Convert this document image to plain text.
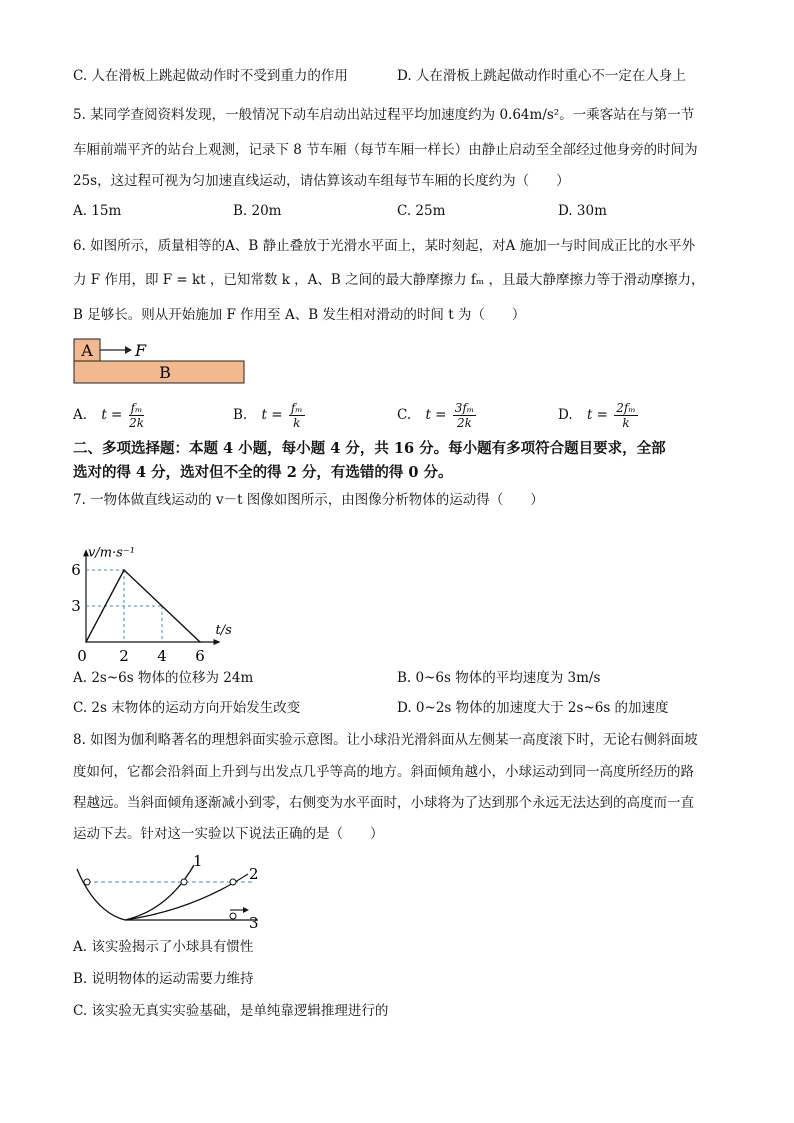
C. 人在滑板上跳起做动作时不受到重力的作用	D. 人在滑板上跳起做动作时重心不一定在人身上
5. 某同学查阅资料发现，一般情况下动车启动出站过程平均加速度约为 0.64m/s²。一乘客站在与第一节
车厢前端平齐的站台上观测，记录下 8 节车厢（每节车厢一样长）由静止启动至全部经过他身旁的时间为
25s，这过程可视为匀加速直线运动，请估算该动车组每节车厢的长度约为（　　）
A. 15m	B. 20m	C. 25m	D. 30m
6. 如图所示，质量相等的A、B 静止叠放于光滑水平面上，某时刻起，对A 施加一与时间成正比的水平外
力 F 作用，即 F = kt ，已知常数 k ，A、B 之间的最大静摩擦力 fₘ ，且最大静摩擦力等于滑动摩擦力，
B 足够长。则从开始施加 F 作用至 A、B 发生相对滑动的时间 t 为（　　）
A	F
B
A. $t = \frac{\text{fₘ}}{2k}$	B. $t = \frac{\text{fₘ}}{k}$	C. $t = \frac{\text{3fₘ}}{2k}$	D. $t = \frac{\text{2fₘ}}{k}$
二、多项选择题：本题 4 小题，每小题 4 分，共 16 分。每小题有多项符合题目要求，全部
选对的得 4 分，选对但不全的得 2 分，有选错的得 0 分。
7. 一物体做直线运动的 v－t 图像如图所示，由图像分析物体的运动得（　　）
v/m·s⁻¹
t/s
0 2 4 6
3
6
A. 2s~6s 物体的位移为 24m	B. 0~6s 物体的平均速度为 3m/s
C. 2s 末物体的运动方向开始发生改变	D. 0~2s 物体的加速度大于 2s~6s 的加速度
8. 如图为伽利略著名的理想斜面实验示意图。让小球沿光滑斜面从左侧某一高度滚下时，无论右侧斜面坡
度如何，它都会沿斜面上升到与出发点几乎等高的地方。斜面倾角越小，小球运动到同一高度所经历的路
程越远。当斜面倾角逐渐减小到零，右侧变为水平面时，小球将为了达到那个永远无法达到的高度而一直
运动下去。针对这一实验以下说法正确的是（　　）
1
2
3
A. 该实验揭示了小球具有惯性
B. 说明物体的运动需要力维持
C. 该实验无真实实验基础，是单纯靠逻辑推理进行的
